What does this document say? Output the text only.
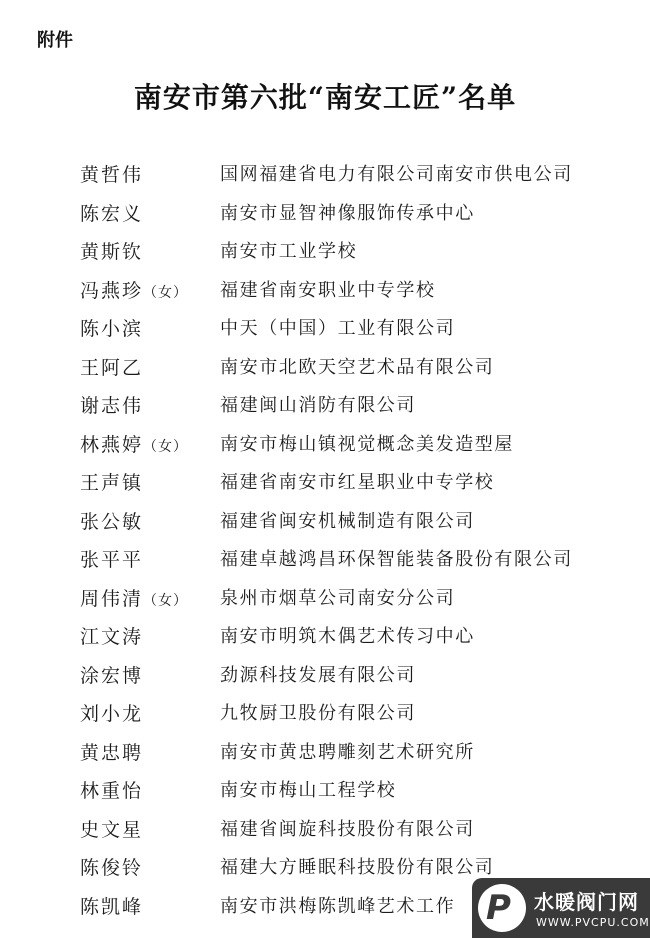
附件
南安市第六批“南安工匠”名单
黄哲伟	国网福建省电力有限公司南安市供电公司
陈宏义	南安市显智神像服饰传承中心
黄斯钦	南安市工业学校
冯燕珍（女） 福建省南安职业中专学校
陈小滨	中天（中国）工业有限公司
王阿乙	南安市北欧天空艺术品有限公司
谢志伟	福建闽山消防有限公司
林燕婷（女） 南安市梅山镇视觉概念美发造型屋
王声镇	福建省南安市红星职业中专学校
张公敏	福建省闽安机械制造有限公司
张平平	福建卓越鸿昌环保智能装备股份有限公司
周伟清（女） 泉州市烟草公司南安分公司
江文涛	南安市明筑木偶艺术传习中心
涂宏博	劲源科技发展有限公司
刘小龙	九牧厨卫股份有限公司
黄忠聘	南安市黄忠聘雕刻艺术研究所
林重怡	南安市梅山工程学校
史文星	福建省闽旋科技股份有限公司
陈俊铃	福建大方睡眠科技股份有限公司
陈凯峰	南安市洪梅陈凯峰艺术工作 P 水暖阀门网
WWW.PVCPU.COM
